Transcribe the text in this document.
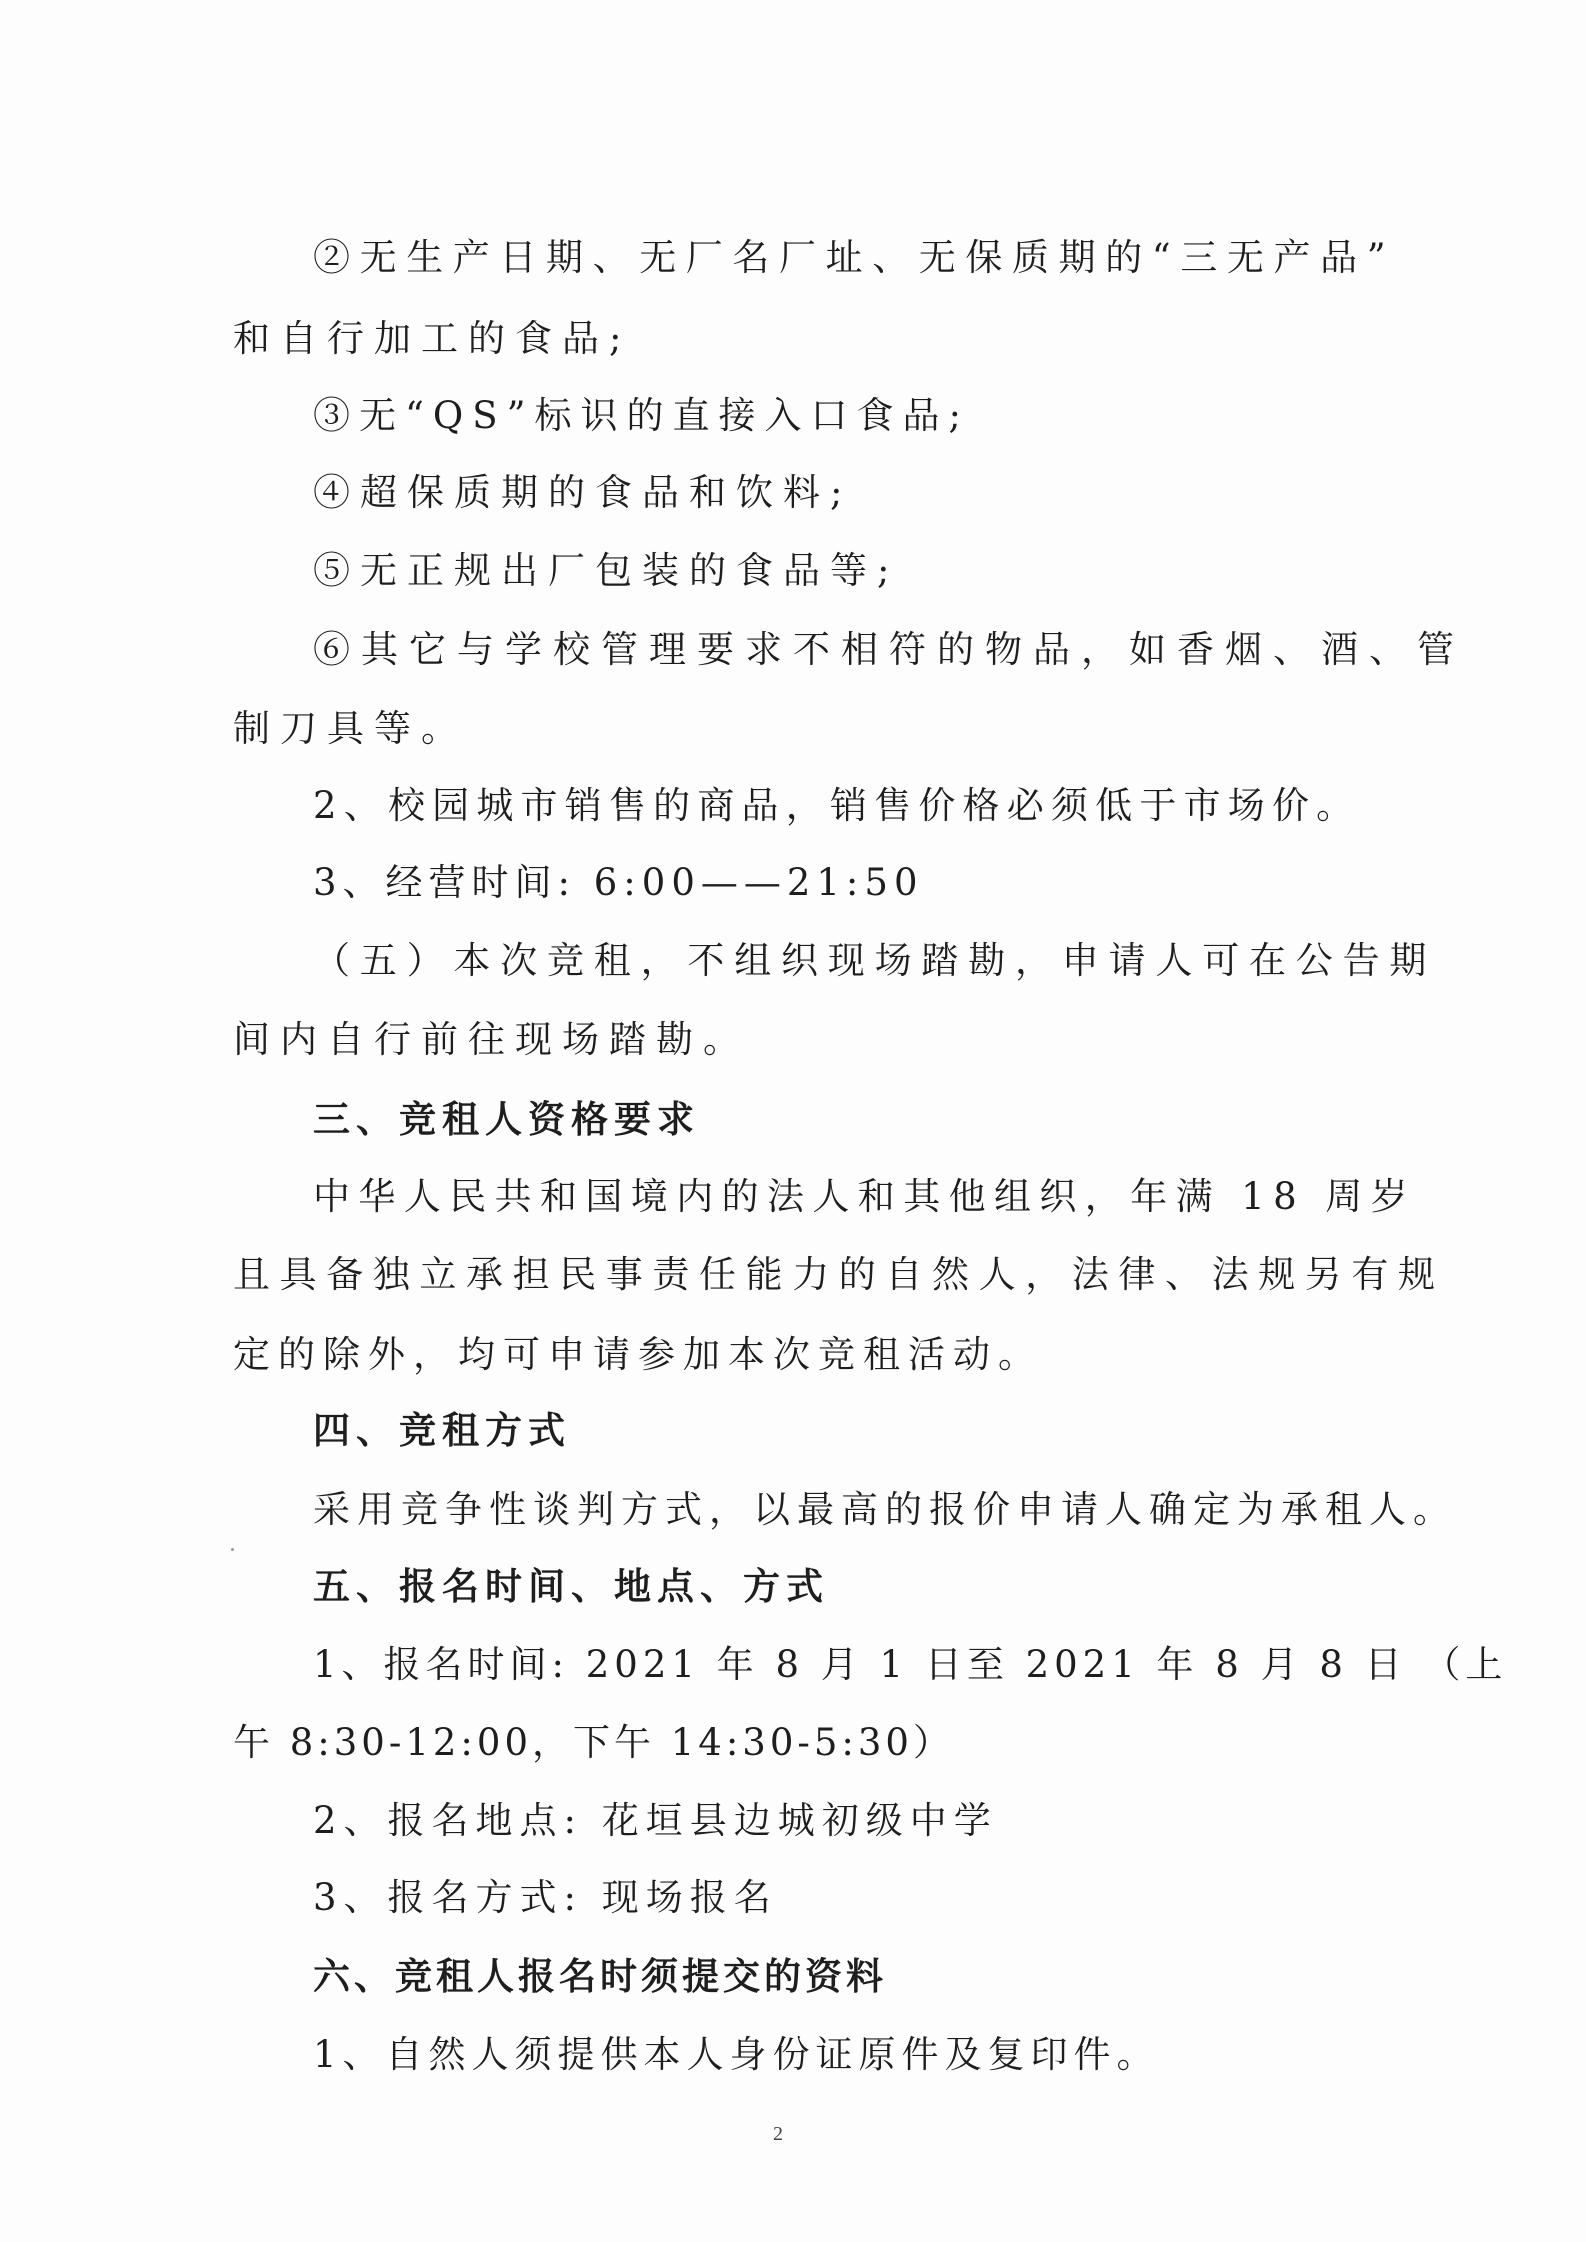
②无生产日期、无厂名厂址、无保质期的“三无产品”
和自行加工的食品;
③无“QS”标识的直接入口食品;
④超保质期的食品和饮料;
⑤无正规出厂包装的食品等;
⑥其它与学校管理要求不相符的物品，如香烟、酒、管
制刀具等。
2、校园城市销售的商品，销售价格必须低于市场价。
3、经营时间: 6:00——21:50
（五）本次竞租，不组织现场踏勘，申请人可在公告期
间内自行前往现场踏勘。
三、竞租人资格要求
中华人民共和国境内的法人和其他组织，年满 18 周岁
且具备独立承担民事责任能力的自然人，法律、法规另有规
定的除外，均可申请参加本次竞租活动。
四、竞租方式
采用竞争性谈判方式，以最高的报价申请人确定为承租人。
五、报名时间、地点、方式
1、报名时间: 2021 年 8 月 1 日至 2021 年 8 月 8 日 （上
午 8:30-12:00，下午 14:30-5:30）
2、报名地点: 花垣县边城初级中学
3、报名方式: 现场报名
六、竞租人报名时须提交的资料
1、自然人须提供本人身份证原件及复印件。
2
